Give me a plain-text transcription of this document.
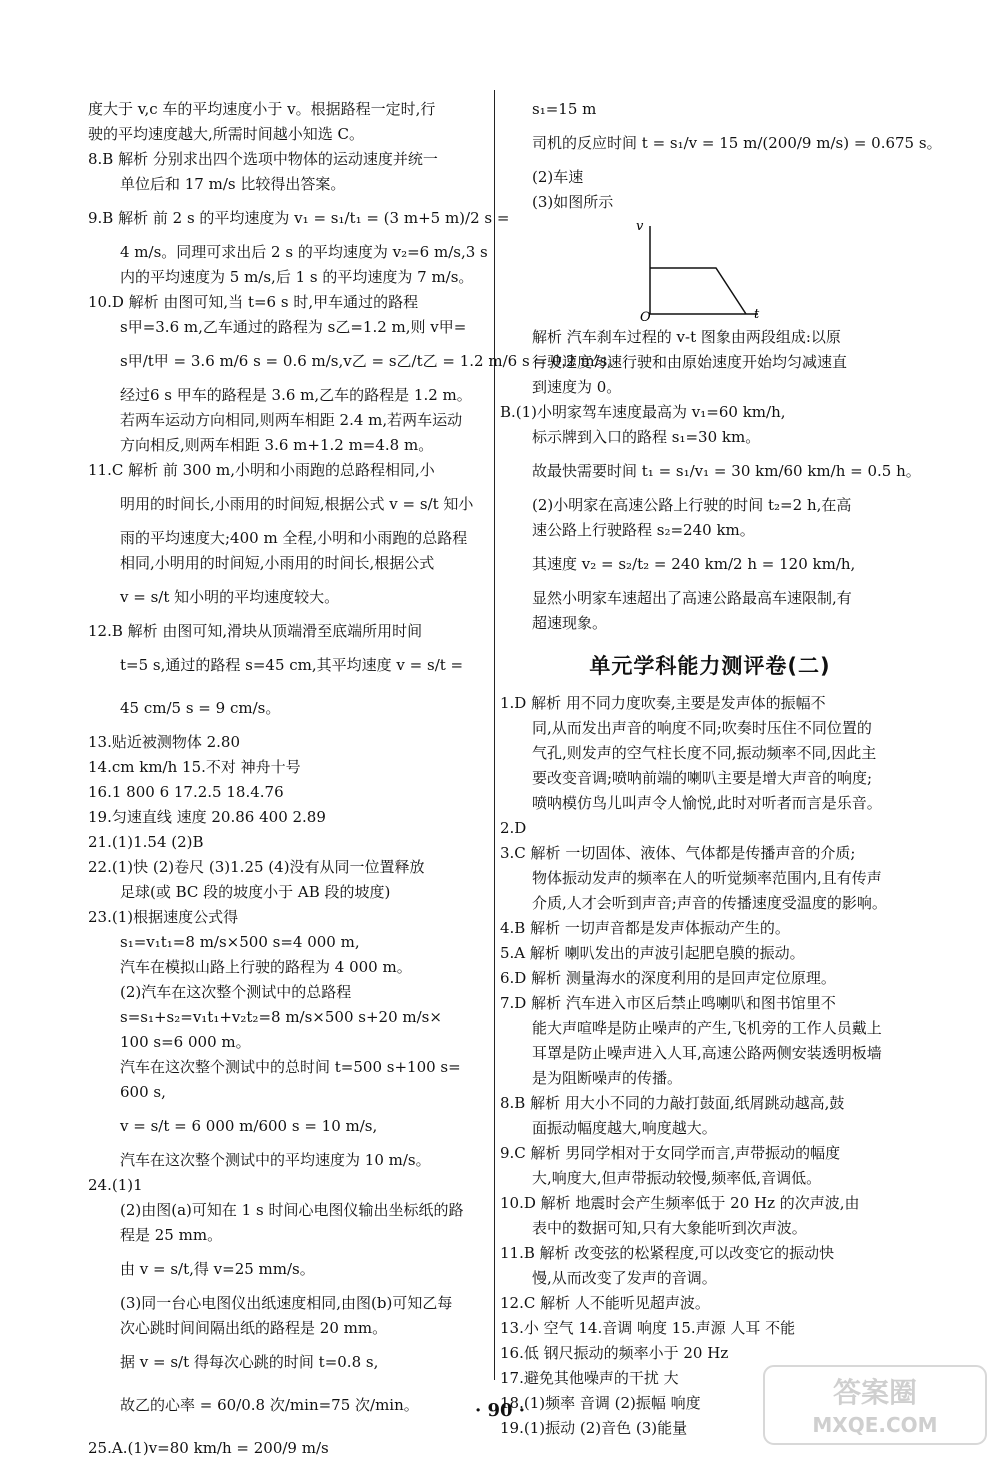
度大于 v,c 车的平均速度小于 v。根据路程一定时,行
驶的平均速度越大,所需时间越小知选 C。
8.B 解析 分别求出四个选项中物体的运动速度并统一
单位后和 17 m/s 比较得出答案。
9.B 解析 前 2 s 的平均速度为 v₁ = s₁/t₁ = (3 m+5 m)/2 s =
4 m/s。同理可求出后 2 s 的平均速度为 v₂=6 m/s,3 s
内的平均速度为 5 m/s,后 1 s 的平均速度为 7 m/s。
10.D 解析 由图可知,当 t=6 s 时,甲车通过的路程
s甲=3.6 m,乙车通过的路程为 s乙=1.2 m,则 v甲=
s甲/t甲 = 3.6 m/6 s = 0.6 m/s,v乙 = s乙/t乙 = 1.2 m/6 s = 0.2 m/s。
经过6 s 甲车的路程是 3.6 m,乙车的路程是 1.2 m。
若两车运动方向相同,则两车相距 2.4 m,若两车运动
方向相反,则两车相距 3.6 m+1.2 m=4.8 m。
11.C 解析 前 300 m,小明和小雨跑的总路程相同,小
明用的时间长,小雨用的时间短,根据公式 v = s/t 知小
雨的平均速度大;400 m 全程,小明和小雨跑的总路程
相同,小明用的时间短,小雨用的时间长,根据公式
v = s/t 知小明的平均速度较大。
12.B 解析 由图可知,滑块从顶端滑至底端所用时间
t=5 s,通过的路程 s=45 cm,其平均速度 v = s/t =
45 cm/5 s = 9 cm/s。
13.贴近被测物体 2.80
14.cm km/h 15.不对 神舟十号
16.1 800 6 17.2.5 18.4.76
19.匀速直线 速度 20.86 400 2.89
21.(1)1.54 (2)B
22.(1)快 (2)卷尺 (3)1.25 (4)没有从同一位置释放
足球(或 BC 段的坡度小于 AB 段的坡度)
23.(1)根据速度公式得
s₁=v₁t₁=8 m/s×500 s=4 000 m,
汽车在模拟山路上行驶的路程为 4 000 m。
(2)汽车在这次整个测试中的总路程
s=s₁+s₂=v₁t₁+v₂t₂=8 m/s×500 s+20 m/s×
100 s=6 000 m。
汽车在这次整个测试中的总时间 t=500 s+100 s=
600 s,
v = s/t = 6 000 m/600 s = 10 m/s,
汽车在这次整个测试中的平均速度为 10 m/s。
24.(1)1
(2)由图(a)可知在 1 s 时间心电图仪输出坐标纸的路
程是 25 mm。
由 v = s/t,得 v=25 mm/s。
(3)同一台心电图仪出纸速度相同,由图(b)可知乙每
次心跳时间间隔出纸的路程是 20 mm。
据 v = s/t 得每次心跳的时间 t=0.8 s,
故乙的心率 = 60/0.8 次/min=75 次/min。
25.A.(1)v=80 km/h = 200/9 m/s
s₁=15 m
司机的反应时间 t = s₁/v = 15 m/(200/9 m/s) = 0.675 s。
(2)车速
(3)如图所示
v
t
O
解析 汽车刹车过程的 v-t 图象由两段组成:以原
行驶速度匀速行驶和由原始速度开始均匀减速直
到速度为 0。
B.(1)小明家驾车速度最高为 v₁=60 km/h,
标示牌到入口的路程 s₁=30 km。
故最快需要时间 t₁ = s₁/v₁ = 30 km/60 km/h = 0.5 h。
(2)小明家在高速公路上行驶的时间 t₂=2 h,在高
速公路上行驶路程 s₂=240 km。
其速度 v₂ = s₂/t₂ = 240 km/2 h = 120 km/h,
显然小明家车速超出了高速公路最高车速限制,有
超速现象。
单元学科能力测评卷(二)
1.D 解析 用不同力度吹奏,主要是发声体的振幅不
同,从而发出声音的响度不同;吹奏时压住不同位置的
气孔,则发声的空气柱长度不同,振动频率不同,因此主
要改变音调;喷呐前端的喇叭主要是增大声音的响度;
喷呐模仿鸟儿叫声令人愉悦,此时对听者而言是乐音。
2.D
3.C 解析 一切固体、液体、气体都是传播声音的介质;
物体振动发声的频率在人的听觉频率范围内,且有传声
介质,人才会听到声音;声音的传播速度受温度的影响。
4.B 解析 一切声音都是发声体振动产生的。
5.A 解析 喇叭发出的声波引起肥皂膜的振动。
6.D 解析 测量海水的深度利用的是回声定位原理。
7.D 解析 汽车进入市区后禁止鸣喇叭和图书馆里不
能大声喧哗是防止噪声的产生,飞机旁的工作人员戴上
耳罩是防止噪声进入人耳,高速公路两侧安装透明板墙
是为阻断噪声的传播。
8.B 解析 用大小不同的力敲打鼓面,纸屑跳动越高,鼓
面振动幅度越大,响度越大。
9.C 解析 男同学相对于女同学而言,声带振动的幅度
大,响度大,但声带振动较慢,频率低,音调低。
10.D 解析 地震时会产生频率低于 20 Hz 的次声波,由
表中的数据可知,只有大象能听到次声波。
11.B 解析 改变弦的松紧程度,可以改变它的振动快
慢,从而改变了发声的音调。
12.C 解析 人不能听见超声波。
13.小 空气 14.音调 响度 15.声源 人耳 不能
16.低 钢尺振动的频率小于 20 Hz
17.避免其他噪声的干扰 大
18.(1)频率 音调 (2)振幅 响度
19.(1)振动 (2)音色 (3)能量
· 90 ·
答案圈
MXQE.COM
